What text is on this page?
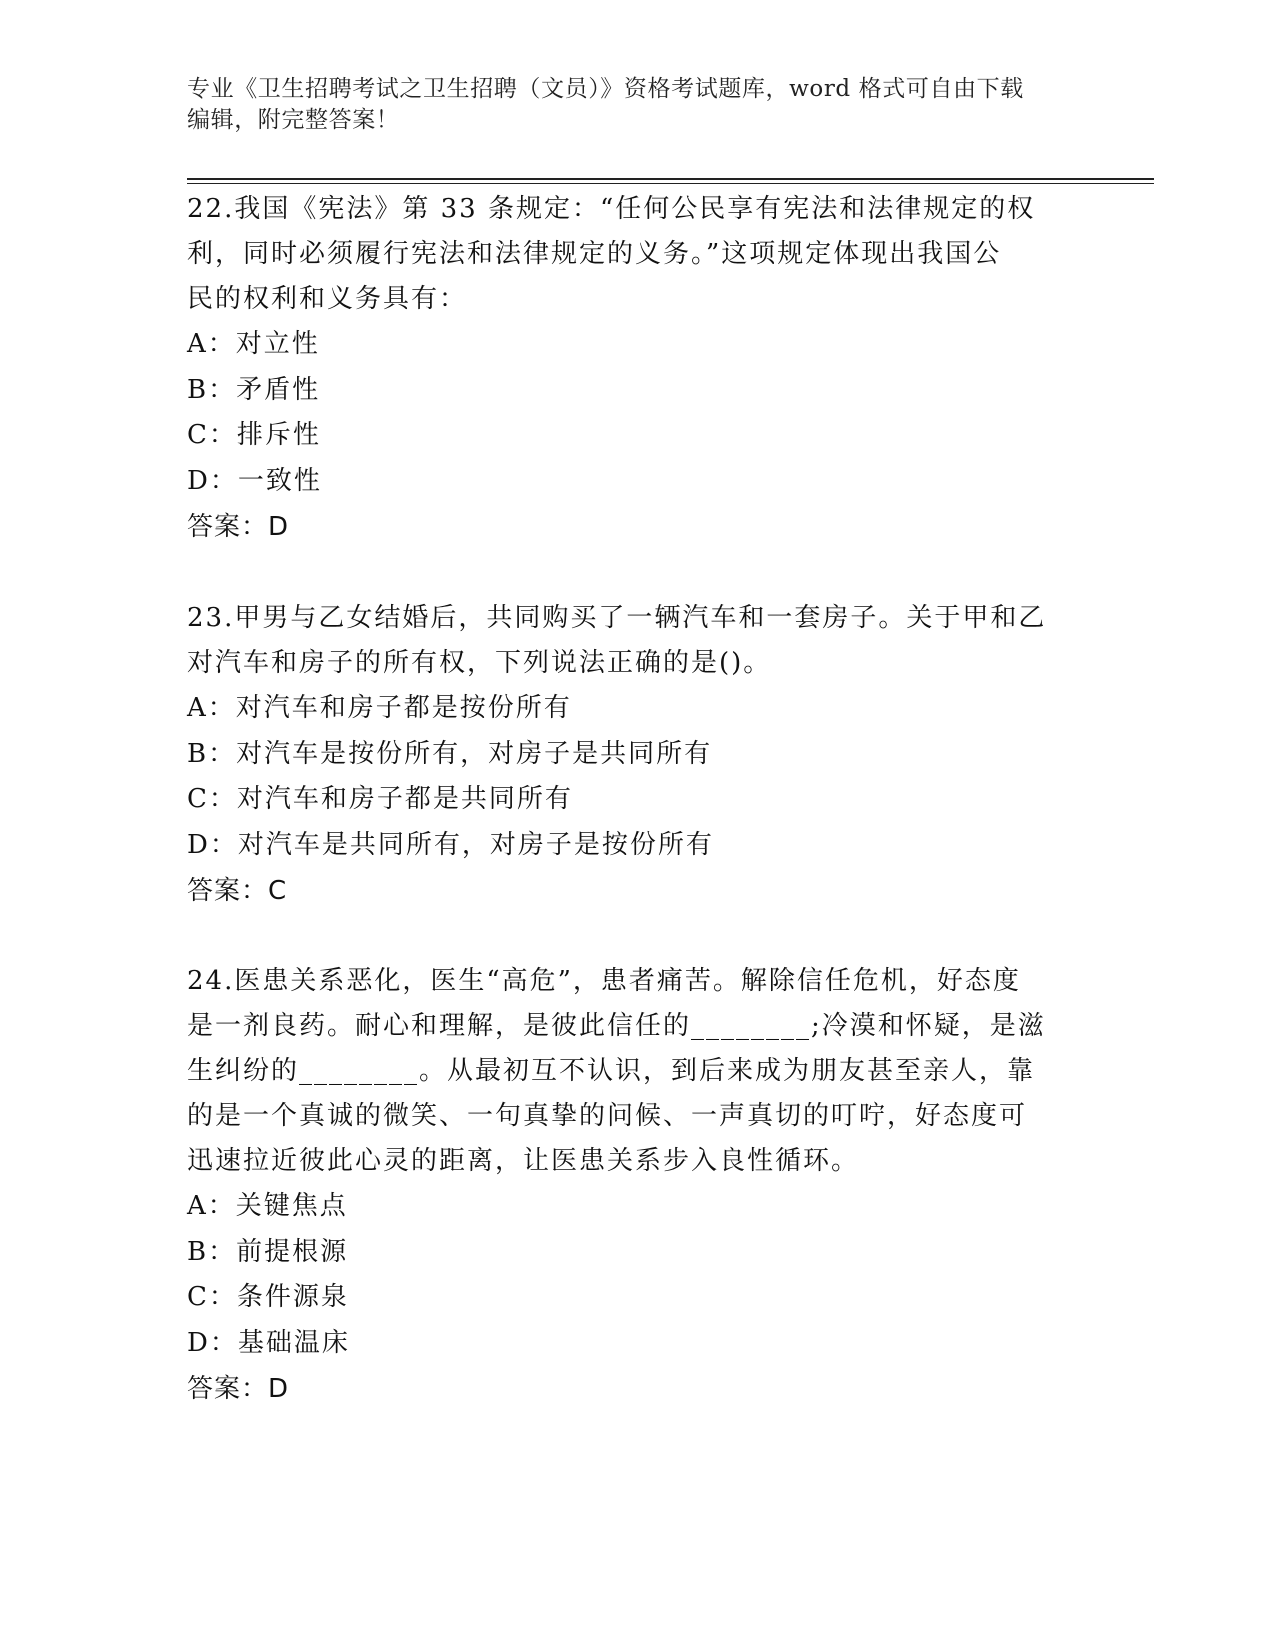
专业《卫生招聘考试之卫生招聘（文员）》资格考试题库，word 格式可自由下载
编辑，附完整答案！
22.我国《宪法》第 33 条规定：“任何公民享有宪法和法律规定的权
利，同时必须履行宪法和法律规定的义务。”这项规定体现出我国公
民的权利和义务具有：
A：对立性
B：矛盾性
C：排斥性
D：一致性
答案：D
23.甲男与乙女结婚后，共同购买了一辆汽车和一套房子。关于甲和乙
对汽车和房子的所有权，下列说法正确的是()。
A：对汽车和房子都是按份所有
B：对汽车是按份所有，对房子是共同所有
C：对汽车和房子都是共同所有
D：对汽车是共同所有，对房子是按份所有
答案：C
24.医患关系恶化，医生“高危”，患者痛苦。解除信任危机，好态度
是一剂良药。耐心和理解，是彼此信任的________;冷漠和怀疑，是滋
生纠纷的________。从最初互不认识，到后来成为朋友甚至亲人，靠
的是一个真诚的微笑、一句真挚的问候、一声真切的叮咛，好态度可
迅速拉近彼此心灵的距离，让医患关系步入良性循环。
A：关键焦点
B：前提根源
C：条件源泉
D：基础温床
答案：D
